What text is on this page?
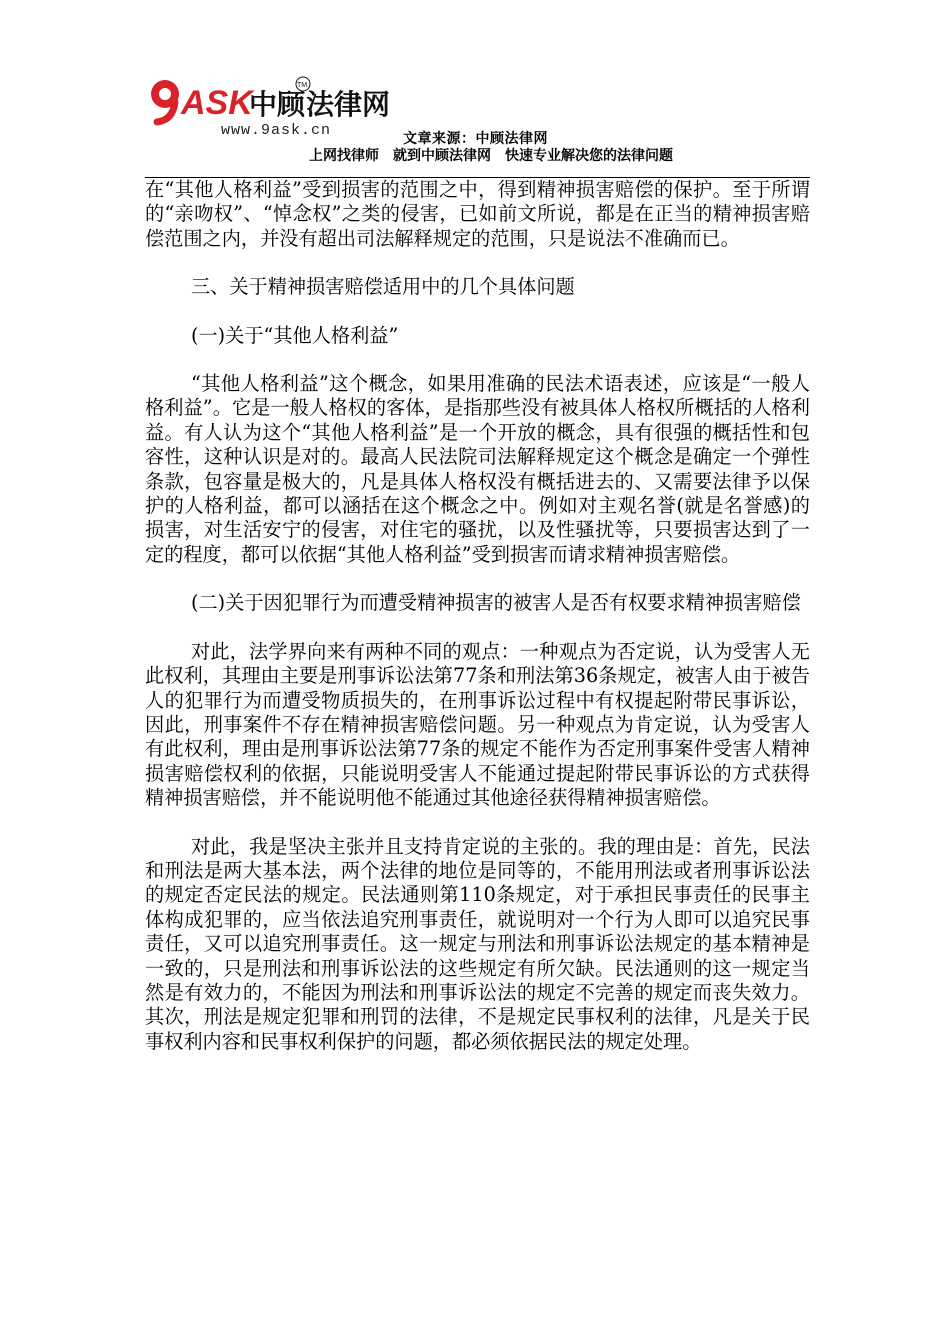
ASK
中顾 法律网
TM
www.9ask.cn	文章来源：中顾法律网
上网找律师 就到中顾法律网 快速专业解决您的法律问题

在“其他人格利益”受到损害的范围之中，得到精神损害赔偿的保护。至于所谓的“亲吻权”、“悼念权”之类的侵害，已如前文所说，都是在正当的精神损害赔偿范围之内，并没有超出司法解释规定的范围，只是说法不准确而已。

三、关于精神损害赔偿适用中的几个具体问题

(一)关于“其他人格利益”

“其他人格利益”这个概念，如果用准确的民法术语表述，应该是“一般人格利益”。它是一般人格权的客体，是指那些没有被具体人格权所概括的人格利益。有人认为这个“其他人格利益”是一个开放的概念，具有很强的概括性和包容性，这种认识是对的。最高人民法院司法解释规定这个概念是确定一个弹性条款，包容量是极大的，凡是具体人格权没有概括进去的、又需要法律予以保护的人格利益，都可以涵括在这个概念之中。例如对主观名誉(就是名誉感)的损害，对生活安宁的侵害，对住宅的骚扰，以及性骚扰等，只要损害达到了一定的程度，都可以依据“其他人格利益”受到损害而请求精神损害赔偿。

(二)关于因犯罪行为而遭受精神损害的被害人是否有权要求精神损害赔偿

对此，法学界向来有两种不同的观点：一种观点为否定说，认为受害人无此权利，其理由主要是刑事诉讼法第77条和刑法第36条规定，被害人由于被告人的犯罪行为而遭受物质损失的，在刑事诉讼过程中有权提起附带民事诉讼，因此，刑事案件不存在精神损害赔偿问题。另一种观点为肯定说，认为受害人有此权利，理由是刑事诉讼法第77条的规定不能作为否定刑事案件受害人精神损害赔偿权利的依据，只能说明受害人不能通过提起附带民事诉讼的方式获得精神损害赔偿，并不能说明他不能通过其他途径获得精神损害赔偿。

对此，我是坚决主张并且支持肯定说的主张的。我的理由是：首先，民法和刑法是两大基本法，两个法律的地位是同等的，不能用刑法或者刑事诉讼法的规定否定民法的规定。民法通则第110条规定，对于承担民事责任的民事主体构成犯罪的，应当依法追究刑事责任，就说明对一个行为人即可以追究民事责任，又可以追究刑事责任。这一规定与刑法和刑事诉讼法规定的基本精神是一致的，只是刑法和刑事诉讼法的这些规定有所欠缺。民法通则的这一规定当然是有效力的，不能因为刑法和刑事诉讼法的规定不完善的规定而丧失效力。其次，刑法是规定犯罪和刑罚的法律，不是规定民事权利的法律，凡是关于民事权利内容和民事权利保护的问题，都必须依据民法的规定处理。
